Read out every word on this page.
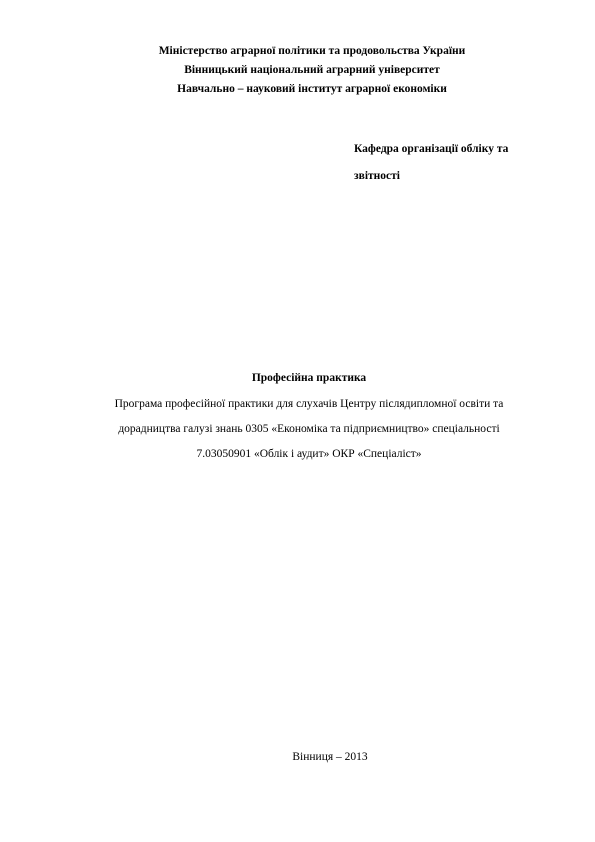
Міністерство аграрної політики та продовольства України
Вінницький національний аграрний університет
Навчально – науковий інститут аграрної економіки
Кафедра організації обліку та
звітності
Професійна практика
Програма професійної практики для слухачів Центру післядипломної освіти та
дорадництва галузі знань 0305 «Економіка та підприємництво» спеціальності
7.03050901 «Облік і аудит» ОКР «Спеціаліст»
Вінниця – 2013
